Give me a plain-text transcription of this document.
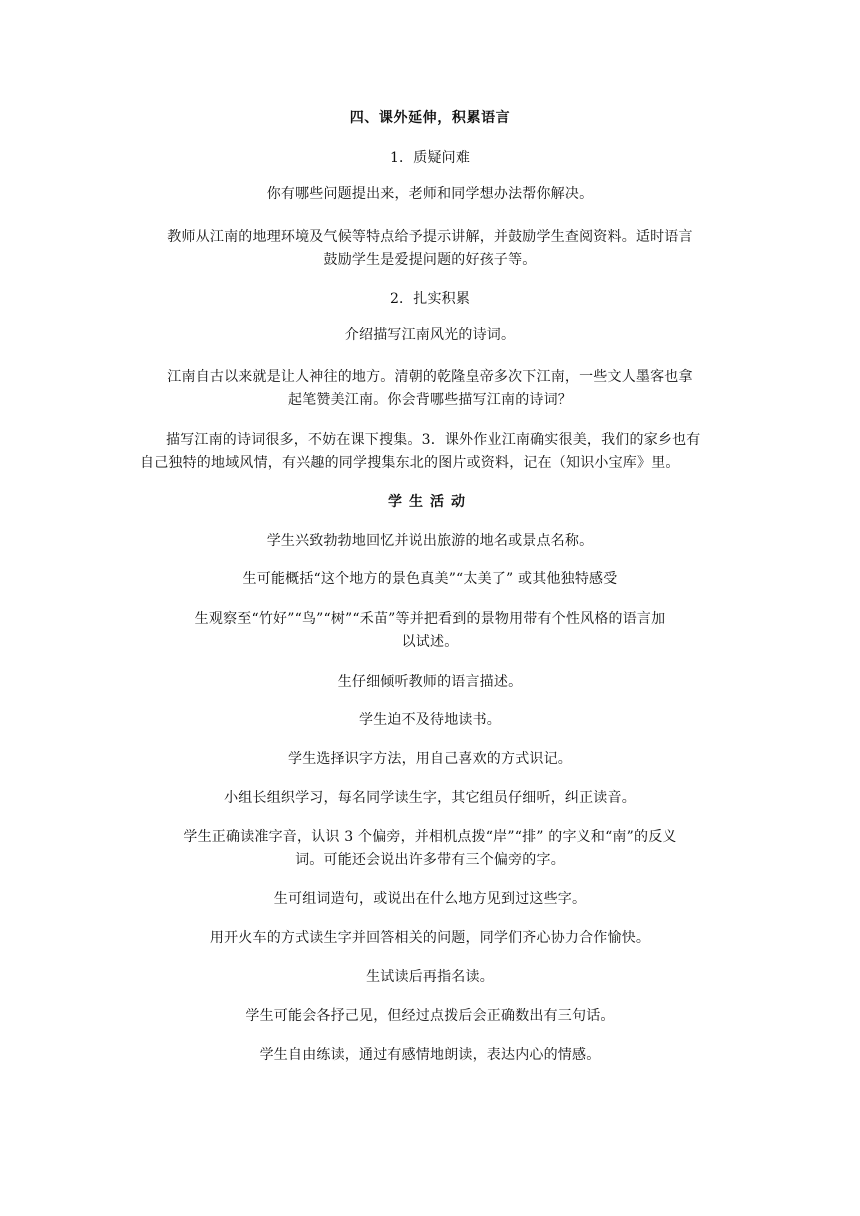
四、课外延伸，积累语言
1．质疑问难
你有哪些问题提出来，老师和同学想办法帮你解决。
教师从江南的地理环境及气候等特点给予提示讲解，并鼓励学生查阅资料。适时语言
鼓励学生是爱提问题的好孩子等。
2．扎实积累
介绍描写江南风光的诗词。
江南自古以来就是让人神往的地方。清朝的乾隆皇帝多次下江南，一些文人墨客也拿
起笔赞美江南。你会背哪些描写江南的诗词？
描写江南的诗词很多，不妨在课下搜集。3．课外作业江南确实很美，我们的家乡也有
自己独特的地域风情，有兴趣的同学搜集东北的图片或资料，记在（知识小宝库》里。
学生活动
学生兴致勃勃地回忆并说出旅游的地名或景点名称。
生可能概括“这个地方的景色真美”“太美了” 或其他独特感受
生观察至“竹好”“鸟”“树”“禾苗”等并把看到的景物用带有个性风格的语言加
以试述。
生仔细倾听教师的语言描述。
学生迫不及待地读书。
学生选择识字方法，用自己喜欢的方式识记。
小组长组织学习，每名同学读生字，其它组员仔细听，纠正读音。
学生正确读准字音，认识 3 个偏旁，并相机点拨“岸”“排” 的字义和“南”的反义
词。可能还会说出许多带有三个偏旁的字。
生可组词造句，或说出在什么地方见到过这些字。
用开火车的方式读生字并回答相关的问题，同学们齐心协力合作愉快。
生试读后再指名读。
学生可能会各抒己见，但经过点拨后会正确数出有三句话。
学生自由练读，通过有感情地朗读，表达内心的情感。
